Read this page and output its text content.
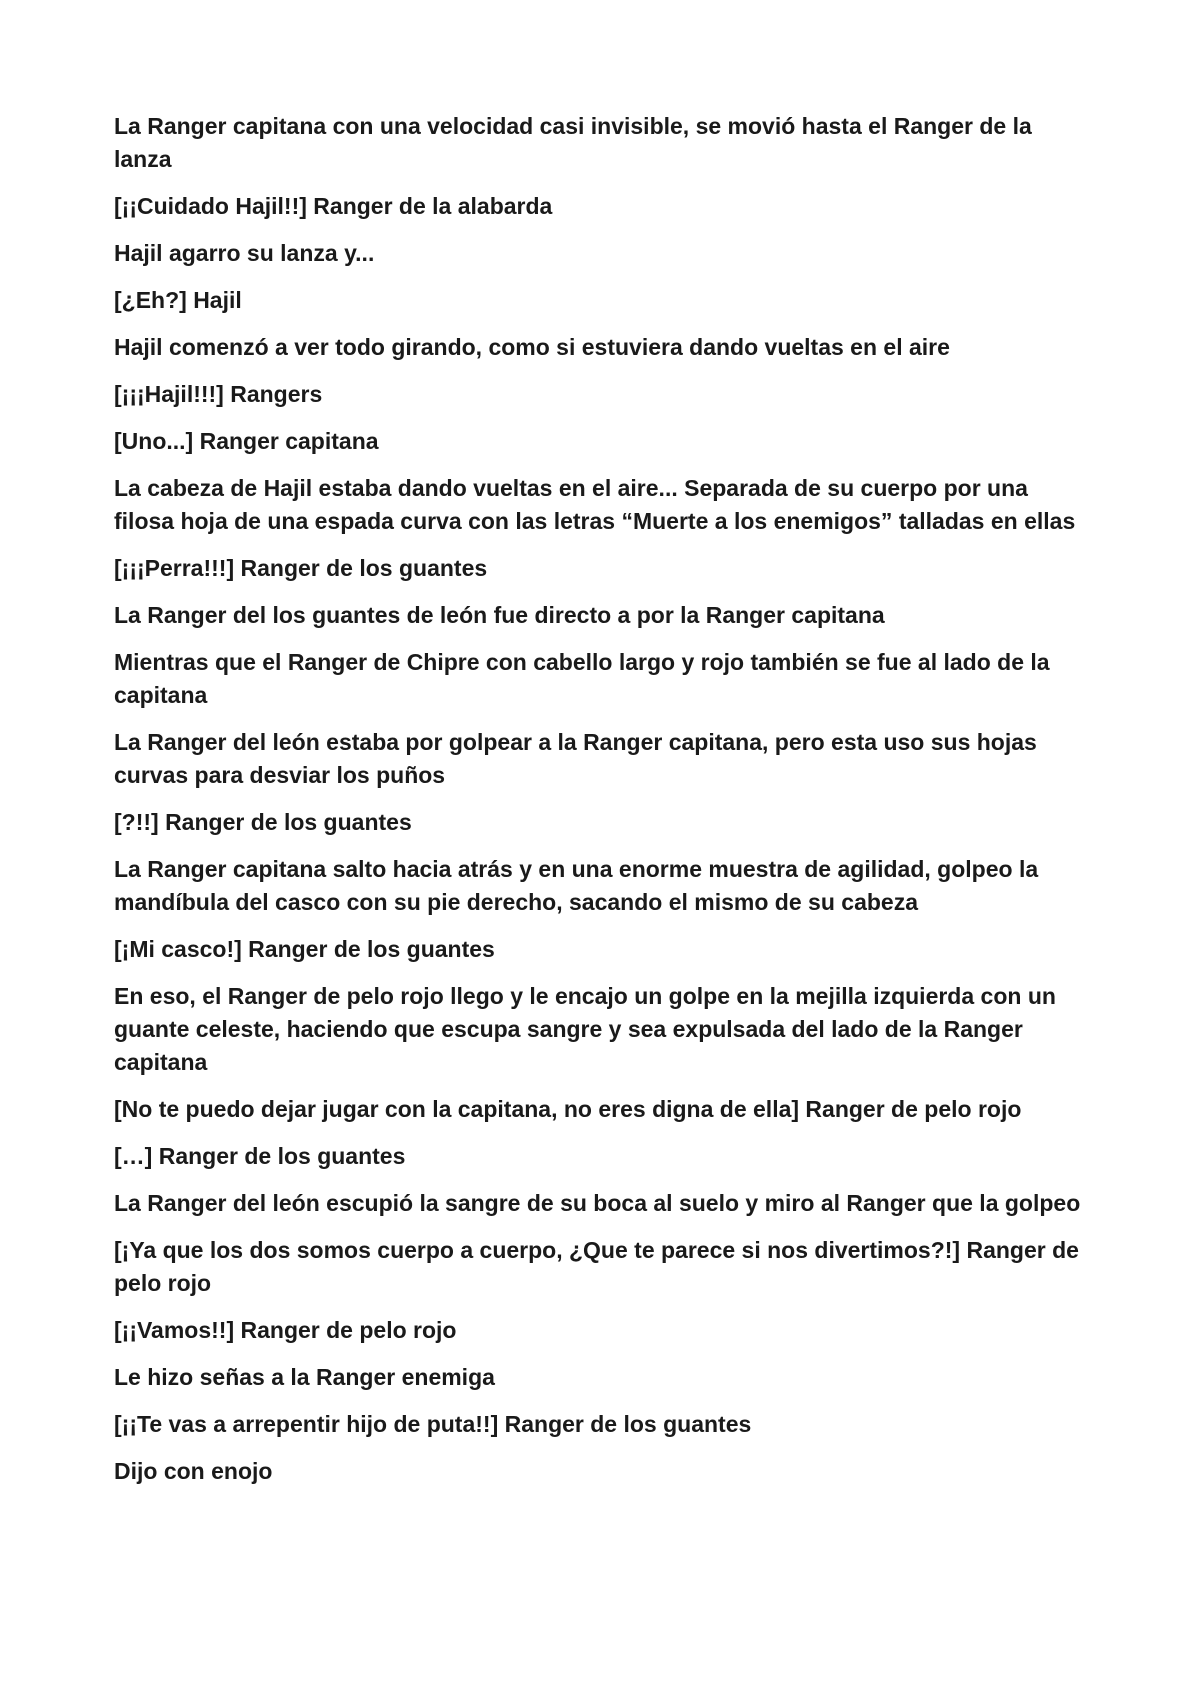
La Ranger capitana con una velocidad casi invisible, se movió hasta el Ranger de la lanza

[¡¡Cuidado Hajil!!] Ranger de la alabarda

Hajil agarro su lanza y...

[¿Eh?] Hajil

Hajil comenzó a ver todo girando, como si estuviera dando vueltas en el aire

[¡¡¡Hajil!!!] Rangers

[Uno...] Ranger capitana

La cabeza de Hajil estaba dando vueltas en el aire... Separada de su cuerpo por una filosa hoja de una espada curva con las letras “Muerte a los enemigos” talladas en ellas

[¡¡¡Perra!!!] Ranger de los guantes

La Ranger del los guantes de león fue directo a por la Ranger capitana

Mientras que el Ranger de Chipre con cabello largo y rojo también se fue al lado de la capitana

La Ranger del león estaba por golpear a la Ranger capitana, pero esta uso sus hojas curvas para desviar los puños

[?!!] Ranger de los guantes

La Ranger capitana salto hacia atrás y en una enorme muestra de agilidad, golpeo la mandíbula del casco con su pie derecho, sacando el mismo de su cabeza

[¡Mi casco!] Ranger de los guantes

En eso, el Ranger de pelo rojo llego y le encajo un golpe en la mejilla izquierda con un guante celeste, haciendo que escupa sangre y sea expulsada del lado de la Ranger capitana

[No te puedo dejar jugar con la capitana, no eres digna de ella] Ranger de pelo rojo

[…] Ranger de los guantes

La Ranger del león escupió la sangre de su boca al suelo y miro al Ranger que la golpeo

[¡Ya que los dos somos cuerpo a cuerpo, ¿Que te parece si nos divertimos?!] Ranger de pelo rojo

[¡¡Vamos!!] Ranger de pelo rojo

Le hizo señas a la Ranger enemiga

[¡¡Te vas a arrepentir hijo de puta!!] Ranger de los guantes

Dijo con enojo
